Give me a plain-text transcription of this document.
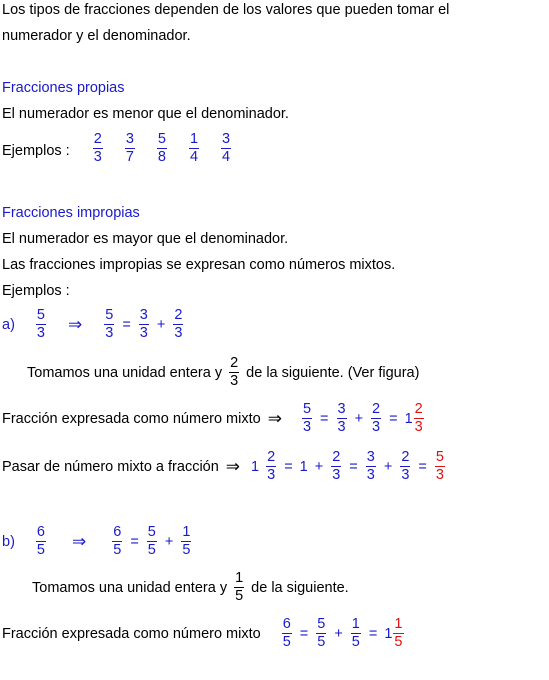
Los tipos de fracciones dependen de los valores que pueden tomar el
numerador y el denominador.
Fracciones propias
El numerador es menor que el denominador.
Ejemplos : $\frac{2}{3} \frac{3}{7} \frac{5}{8} \frac{1}{4} \frac{3}{4}$
Fracciones impropias
El numerador es mayor que el denominador.
Las fracciones impropias se expresan como números mixtos.
Ejemplos :
$a) \frac{5}{3}$ ⇒ $\frac{5}{3} = \frac{3}{3} + \frac{2}{3}$
Tomamos una unidad entera y $\frac{2}{3}$ de la siguiente. (Ver figura)
Fracción expresada como número mixto ⇒ $\frac{5}{3} = \frac{3}{3} + \frac{2}{3} = 1 \frac{2}{3}$
Pasar de número mixto a fracción ⇒ $1 \frac{2}{3} = 1 + \frac{2}{3} = \frac{3}{3} + \frac{2}{3} = \frac{5}{3}$
$b) \frac{6}{5}$ ⇒ $\frac{6}{5} = \frac{5}{5} + \frac{1}{5}$
Tomamos una unidad entera y $\frac{1}{5}$ de la siguiente.
Fracción expresada como número mixto $\frac{6}{5} = \frac{5}{5} + \frac{1}{5} = 1 \frac{1}{5}$
